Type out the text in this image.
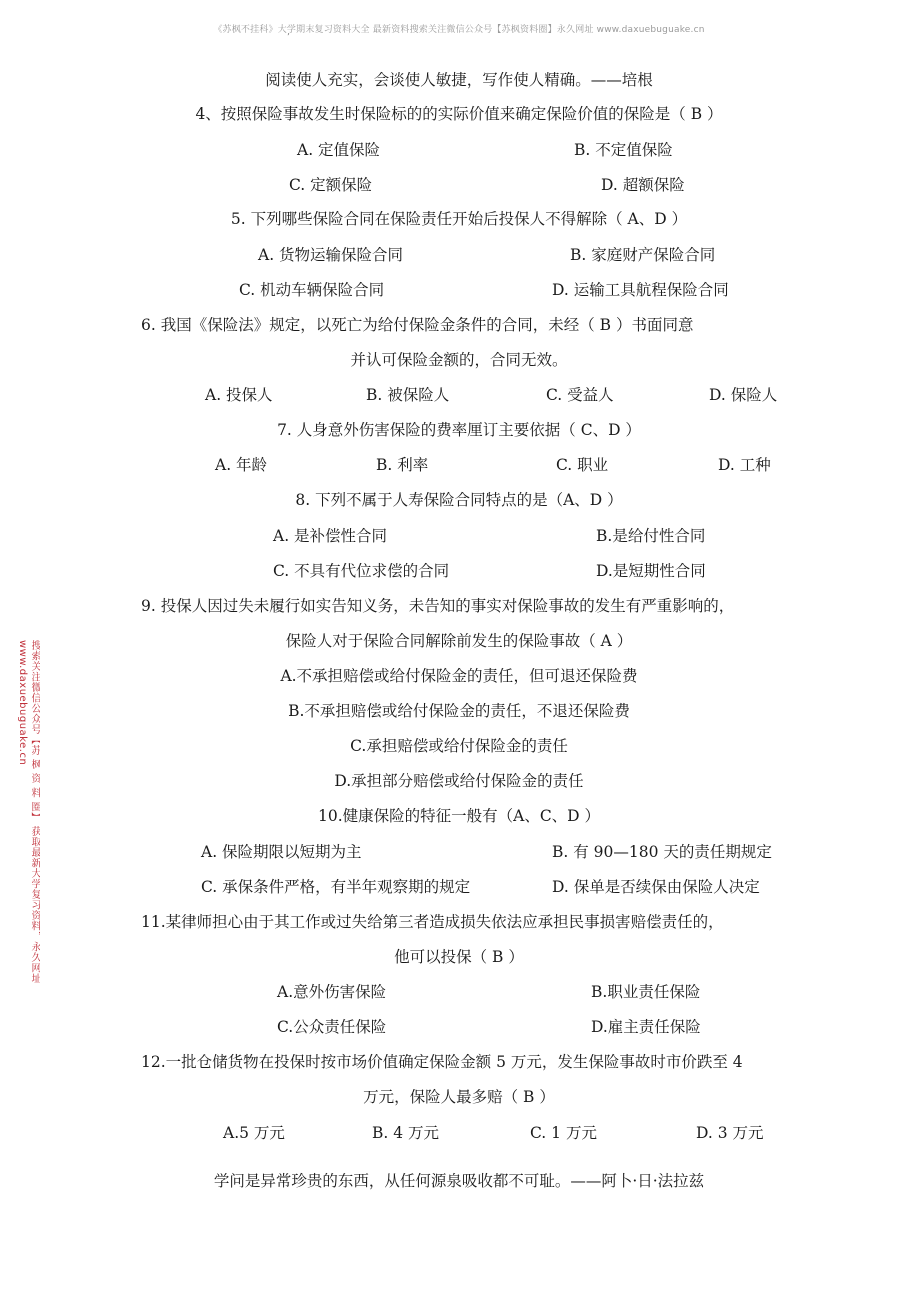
《苏枫不挂科》大学期末复习资料大全 最新资料搜索关注微信公众号【苏枫资料圈】永久网址 www.daxuebuguake.cn
’
搜索关注微信公众号【苏 枫 资 料 圈】 获取最新大学复习资料，永久网址 www.daxuebuguake.cn
阅读使人充实，会谈使人敏捷，写作使人精确。——培根
4、按照保险事故发生时保险标的的实际价值来确定保险价值的保险是（ B ）
A. 定值保险	B. 不定值保险
C. 定额保险	D. 超额保险
5. 下列哪些保险合同在保险责任开始后投保人不得解除（ A、D ）
A. 货物运输保险合同	B. 家庭财产保险合同
C. 机动车辆保险合同	D. 运输工具航程保险合同
6. 我国《保险法》规定，以死亡为给付保险金条件的合同，未经（ B ）书面同意
并认可保险金额的，合同无效。
A. 投保人	B. 被保险人	C. 受益人	D. 保险人
7. 人身意外伤害保险的费率厘订主要依据（ C、D ）
A. 年龄	B. 利率	C. 职业	D. 工种
8. 下列不属于人寿保险合同特点的是（A、D ）
A. 是补偿性合同	B.是给付性合同
C. 不具有代位求偿的合同	D.是短期性合同
9. 投保人因过失未履行如实告知义务，未告知的事实对保险事故的发生有严重影响的，
保险人对于保险合同解除前发生的保险事故（ A ）
A.不承担赔偿或给付保险金的责任，但可退还保险费
B.不承担赔偿或给付保险金的责任，不退还保险费
C.承担赔偿或给付保险金的责任
D.承担部分赔偿或给付保险金的责任
10.健康保险的特征一般有（A、C、D ）
A. 保险期限以短期为主	B. 有 90—180 天的责任期规定
C. 承保条件严格，有半年观察期的规定	D. 保单是否续保由保险人决定
11.某律师担心由于其工作或过失给第三者造成损失依法应承担民事损害赔偿责任的，
他可以投保（ B ）
A.意外伤害保险	B.职业责任保险
C.公众责任保险	D.雇主责任保险
12.一批仓储货物在投保时按市场价值确定保险金额 5 万元，发生保险事故时市价跌至 4
万元，保险人最多赔（ B ）
A.5 万元	B. 4 万元	C. 1 万元	D. 3 万元
学问是异常珍贵的东西，从任何源泉吸收都不可耻。——阿卜·日·法拉兹
